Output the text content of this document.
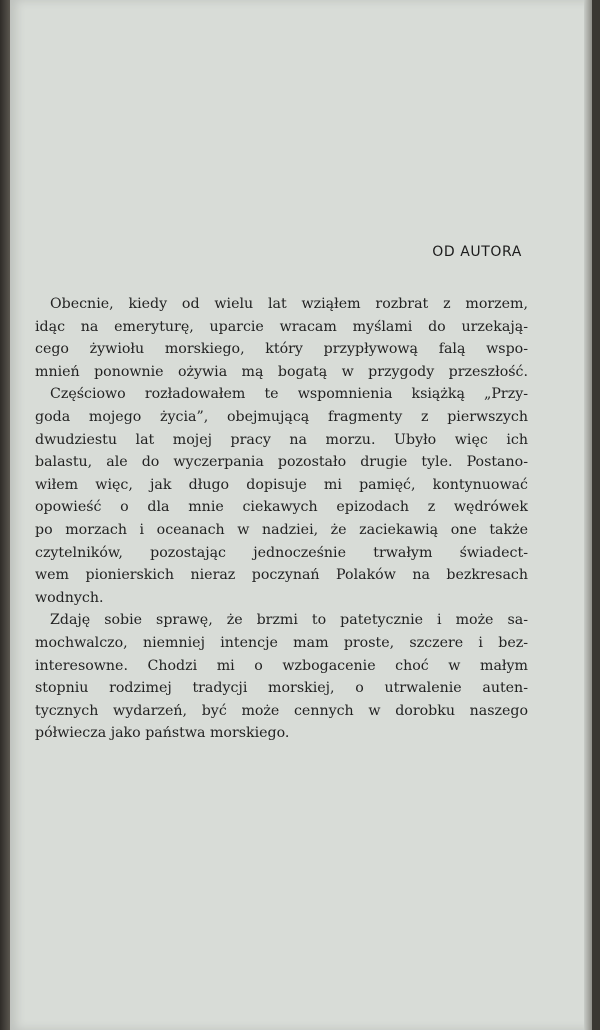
OD AUTORA

Obecnie, kiedy od wielu lat wziąłem rozbrat z morzem,
idąc na emeryturę, uparcie wracam myślami do urzekają-
cego żywiołu morskiego, który przypływową falą wspo-
mnień ponownie ożywia mą bogatą w przygody przeszłość.

Częściowo rozładowałem te wspomnienia książką „Przy-
goda mojego życia”, obejmującą fragmenty z pierwszych
dwudziestu lat mojej pracy na morzu. Ubyło więc ich
balastu, ale do wyczerpania pozostało drugie tyle. Postano-
wiłem więc, jak długo dopisuje mi pamięć, kontynuować
opowieść o dla mnie ciekawych epizodach z wędrówek
po morzach i oceanach w nadziei, że zaciekawią one także
czytelników, pozostając jednocześnie trwałym świadect-
wem pionierskich nieraz poczynań Polaków na bezkresach
wodnych.

Zdaję sobie sprawę, że brzmi to patetycznie i może sa-
mochwalczo, niemniej intencje mam proste, szczere i bez-
interesowne. Chodzi mi o wzbogacenie choć w małym
stopniu rodzimej tradycji morskiej, o utrwalenie auten-
tycznych wydarzeń, być może cennych w dorobku naszego
półwiecza jako państwa morskiego.
